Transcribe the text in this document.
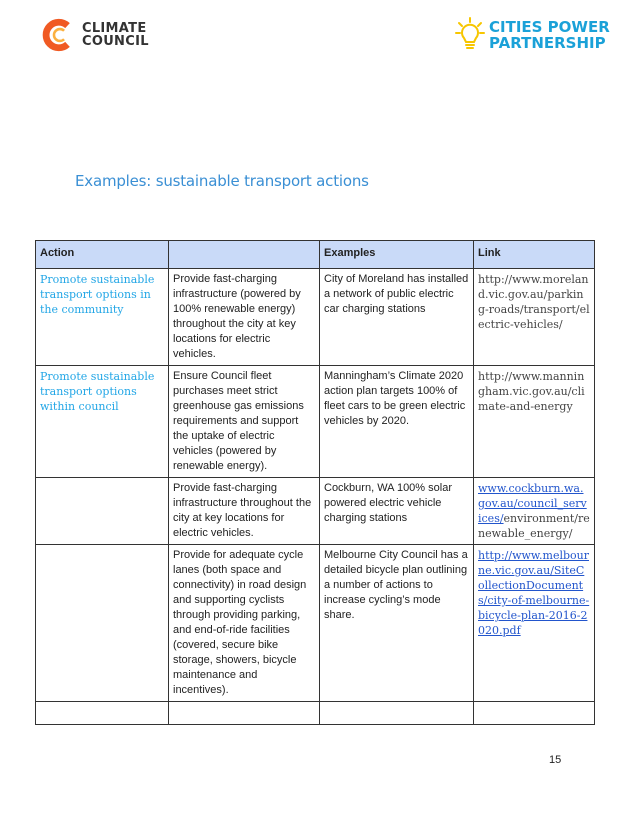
CLIMATE
COUNCIL
CITIES POWER
PARTNERSHIP
Examples: sustainable transport actions
Action		Examples	Link
Promote sustainable transport options in the community	Provide fast-charging infrastructure (powered by 100% renewable energy) throughout the city at key locations for electric vehicles.	City of Moreland has installed a network of public electric car charging stations	http://www.moreland.vic.gov.au/parking-roads/transport/electric-vehicles/
Promote sustainable transport options within council	Ensure Council fleet purchases meet strict greenhouse gas emissions requirements and support the uptake of electric vehicles (powered by renewable energy).	Manningham’s Climate 2020 action plan targets 100% of fleet cars to be green electric vehicles by 2020.	http://www.manningham.vic.gov.au/climate-and-energy
	Provide fast-charging infrastructure throughout the city at key locations for electric vehicles.	Cockburn, WA 100% solar powered electric vehicle charging stations	www.cockburn.wa.gov.au/council_services/environment/renewable_energy/
	Provide for adequate cycle lanes (both space and connectivity) in road design and supporting cyclists through providing parking, and end-of-ride facilities (covered, secure bike storage, showers, bicycle maintenance and incentives).	Melbourne City Council has a detailed bicycle plan outlining a number of actions to increase cycling’s mode share.	http://www.melbourne.vic.gov.au/SiteCollectionDocuments/city-of-melbourne-bicycle-plan-2016-2020.pdf

15
